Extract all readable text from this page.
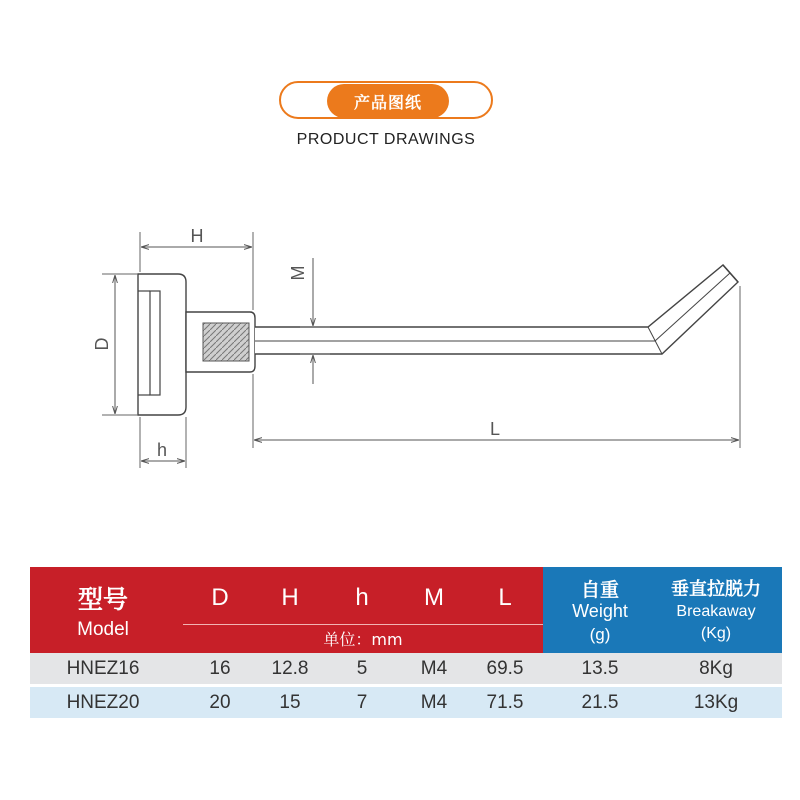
产品图纸
PRODUCT DRAWINGS
H
M
D
h
L
型号
Model
D	H	h	M	L
单位：mm
自重
Weight
(g)
垂直拉脱力
Breakaway
(Kg)
HNEZ16	16	12.8	5	M4	69.5	13.5	8Kg
HNEZ20	20	15	7	M4	71.5	21.5	13Kg
